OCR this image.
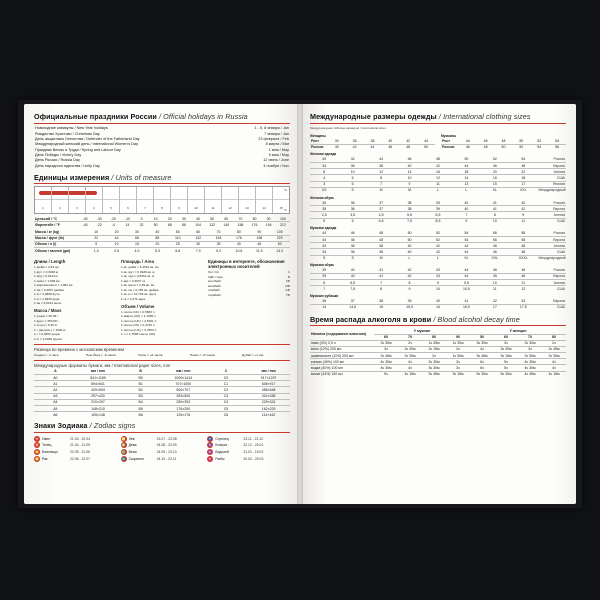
Официальные праздники России / Official holidays in Russia
Новогодние каникулы / New Year holidays	1 - 5, 8 января / Jan
Рождество Христово / Christmas Day	7 января / Jan
День защитника Отечества / Defender of the Fatherland Day	23 февраля / Feb
Международный женский день / International Women's Day	8 марта / Mar
Праздник Весны и Труда / Spring and Labour Day	1 мая / May
День Победы / Victory Day	9 мая / May
День России / Russia Day	12 июня / June
День народного единства / Unity Day	4 ноября / Nov
Единицы измерения / Units of measure
°C
°F
1	2	3	4	5	6	7	8	9	10	11	12	13	14	15
Цельсий / °C	-40	-30	-20	-10	0	10	20	30	40	50	60	70	80	90	100
Фаренгейт / °F	-40	-22	-4	14	32	50	68	86	104	122	140	158	176	194	212
Масса / кг (kg)	10	20	30	40	50	60	70	80	90	100
Масса / фунт (lb)	22	44	66	88	110	132	154	176	198	220
Объем / л (l)	5	10	15	20	25	30	35	40	45	50
Объем / галлон (gal)	1.3	2.6	4.0	5.3	6.6	7.9	9.2	10.6	11.9	13.2
Длина / Length
1 дюйм = 2,54 см
1 фут = 0,3048 м
1 ярд = 0,9144 м
1 миля = 1,609 км
1 морская миля = 1,852 км
1 см = 0,3937 дюйма
1 м = 3,2808 фута
1 м = 1,0936 ярда
1 км = 0,6214 мили
Масса / Mass
1 унция = 28,35 г
1 фунт = 453,59 г
1 стоун = 6,35 кг
1 т (метрич.) = 1000 кг
1 г = 0,0353 унции
1 кг = 2,2046 фунта
Площадь / Area
1 кв. дюйм = 6,4516 кв. см
1 кв. фут = 0,0929 кв. м
1 кв. ярд = 0,8361 кв. м
1 акр = 0,4047 га
1 кв. миля = 2,59 кв. км
1 кв. см = 0,155 кв. дюйма
1 кв. м = 10,764 кв. фута
1 га = 2,471 акра
Объем / Volume
1 пинта (UK) = 0,5683 л
1 кварта (UK) = 1,1365 л
1 галлон (UK) = 4,5461 л
1 пинта (US) = 0,4732 л
1 галлон (US) = 3,7854 л
1 л = 1,7598 пинты (UK)
Единицы в интернете, обозначения электронных носителей
бит / bit	b
байт / byte	B
килобайт	KB
мегабайт	MB
гигабайт	GB
терабайт	TB
Разница во времени с московским временем
Лондон = -3 часа	Нью-Йорк = -8 часов	Токио = +6 часов	Пекин = +5 часов	Дубай = +1 час
Международные форматы бумаги, мм / International paper sizes, mm
A	мм / mm	B	мм / mm	C	мм / mm
A0	841×1189	B0	1000×1414	C0	917×1297
A1	594×841	B1	707×1000	C1	648×917
A2	420×594	B2	500×707	C2	458×648
A3	297×420	B3	353×500	C3	324×458
A4	210×297	B4	250×353	C4	229×324
A5	148×210	B5	176×250	C5	162×229
A6	105×148	B6	125×176	C6	114×162
Знаки Зодиака / Zodiac signs
♈ Овен	21.03 - 20.04
♉ Телец	21.04 - 21.05
♊ Близнецы	22.05 - 21.06
♋ Рак	22.06 - 22.07
♌ Лев	23.07 - 23.08
♍ Дева	24.08 - 23.09
♎ Весы	24.09 - 23.10
♏ Скорпион	24.10 - 22.11
♐ Стрелец	23.11 - 21.12
♑ Козерог	22.12 - 20.01
♒ Водолей	21.01 - 19.02
♓ Рыбы	20.02 - 20.03
Международные размеры одежды / International clothing sizes
Международная таблица размеров / International sizes
Женщины
Рост	34	36	38	40	42	44
Россия	40	42	44	46	48	50
Мужчины
Рост	44	46	48	50	52	54
Россия	46	48	50	52	54	56
Женская одежда
40	42	44	46	48	50	52	54	Россия
34	36	38	40	42	44	46	48	Европа
8	10	12	14	16	18	20	22	Англия
4	6	8	10	12	14	16	18	США
3	5	7	9	11	13	15	17	Япония
XS	S	M	M	L	L	XL	XXL	Международный
Женская обувь
35	36	37	38	39	40	41	42	Россия
35	36	37	38	39	40	41	42	Европа
2,5	3,5	4,5	5,5	6,5	7	8	9	Англия
5	6	6,5	7,5	8,5	9	10	11	США
Мужская одежда
44	46	48	50	52	54	56	58	Россия
44	46	48	50	52	54	56	58	Европа
34	36	38	40	42	44	46	48	Англия
34	36	38	40	42	44	46	48	США
S	S	M	L	L	XL	XXL	XXXL	Международный
Мужская обувь
39	40	41	42	43	44	45	46	Россия
39	40	41	42	43	44	45	46	Европа
6	6,5	7	8	9	9,5	10	11	Англия
7	7,5	8	9	10	10,5	11	12	США
Мужские рубашки
36	37	38	39	40	41	42	43	Европа
14	14,5	15	15,5	16	16,5	17	17,5	США
Время распада алкоголя в крови / Blood alcohol decay time
Напиток (содержание алкоголя)	У мужчин				У женщин			
	60	70	80	90	50	60	70	80
пиво (4%) 0,5 л	2ч 30м	2ч	1ч 45м	1ч 30м	3ч 30м	3ч	2ч 30м	2ч
вино (12%) 200 мл	3ч	2ч 30м	2ч 15м	2ч	4ч	3ч 30м	3ч	2ч 45м
шампанское (11%) 200 мл	2ч 45м	2ч 20м	2ч	1ч 50м	3ч 45м	3ч 15м	2ч 50м	2ч 30м
коньяк (40%) 100 мл	4ч 30м	4ч	3ч 30м	3ч	6ч	5ч	4ч 30м	4ч
водка (40%) 100 мл	4ч 30м	4ч	3ч 30м	3ч	6ч	5ч	4ч 30м	4ч
виски (43%) 100 мл	5ч	4ч 15м	3ч 45м	3ч 15м	6ч 30м	5ч 30м	4ч 45м	4ч 15м
